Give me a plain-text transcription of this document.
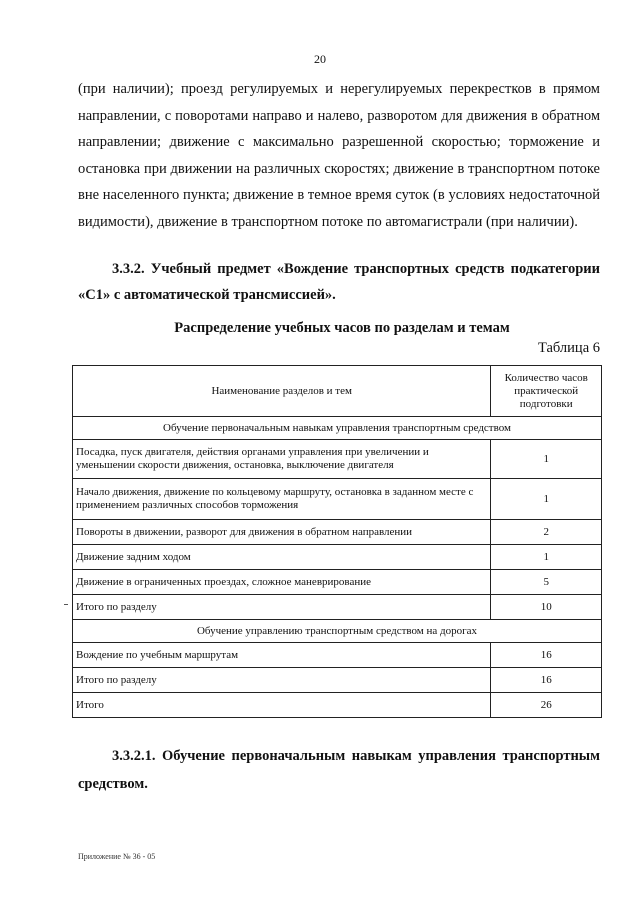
20

(при наличии); проезд регулируемых и нерегулируемых перекрестков в прямом направлении, с поворотами направо и налево, разворотом для движения в обратном направлении; движение с максимально разрешенной скоростью; торможение и остановка при движении на различных скоростях; движение в транспортном потоке вне населенного пункта; движение в темное время суток (в условиях недостаточной видимости), движение в транспортном потоке по автомагистрали (при наличии).

3.3.2. Учебный предмет «Вождение транспортных средств подкатегории «С1» с автоматической трансмиссией».

Распределение учебных часов по разделам и темам
Таблица 6
Наименование разделов и тем	Количество часов практической подготовки
Обучение первоначальным навыкам управления транспортным средством	
Посадка, пуск двигателя, действия органами управления при увеличении и уменьшении скорости движения, остановка, выключение двигателя	1
Начало движения, движение по кольцевому маршруту, остановка в заданном месте с применением различных способов торможения	1
Повороты в движении, разворот для движения в обратном направлении	2
Движение задним ходом	1
Движение в ограниченных проездах, сложное маневрирование	5
Итого по разделу	10
Обучение управлению транспортным средством на дорогах	
Вождение по учебным маршрутам	16
Итого по разделу	16
Итого	26

3.3.2.1. Обучение первоначальным навыкам управления транспортным средством.

Приложение № 36 - 05
